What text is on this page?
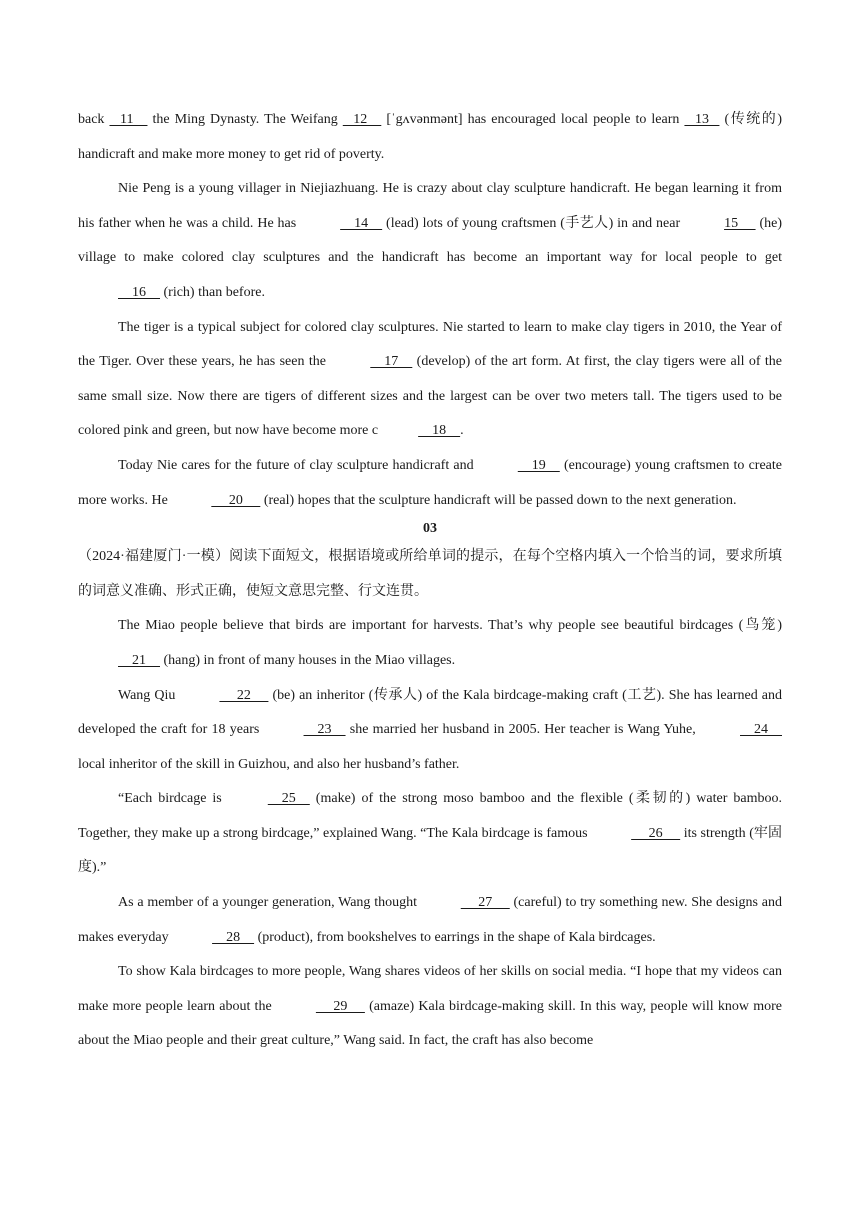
back    11     the Ming Dynasty. The Weifang    12     [ˈgʌvənmənt] has encouraged local people to learn    13    (传统的) handicraft and make more money to get rid of poverty.

Nie Peng is a young villager in Niejiazhuang. He is crazy about clay sculpture handicraft. He began learning it from his father when he was a child. He has	14     (lead) lots of young craftsmen (手艺人) in and near	15      (he) village to make colored clay sculptures and the handicraft has become an important way for local people to get     16     (rich) than before.

The tiger is a typical subject for colored clay sculptures. Nie started to learn to make clay tigers in 2010, the Year of the Tiger. Over these years, he has seen the	17     (develop) of the art form. At first, the clay tigers were all of the same small size. Now there are tigers of different sizes and the largest can be over two meters tall. The tigers used to be colored pink and green, but now have become more c	18    .

Today Nie cares for the future of clay sculpture handicraft and	19     (encourage) young craftsmen to create more works. He	20      (real) hopes that the sculpture handicraft will be passed down to the next generation.

03

（2024·福建厦门·一模）阅读下面短文，根据语境或所给单词的提示，在每个空格内填入一个恰当的词，要求所填的词意义准确、形式正确，使短文意思完整、行文连贯。

The Miao people believe that birds are important for harvests. That’s why people see beautiful birdcages (鸟笼)     21     (hang) in front of many houses in the Miao villages.

Wang Qiu	22      (be) an inheritor (传承人) of the Kala birdcage-making craft (工艺). She has learned and developed the craft for 18 years	23     she married her husband in 2005. Her teacher is Wang Yuhe,	24     local inheritor of the skill in Guizhou, and also her husband’s father.

“Each birdcage is	25     (make) of the strong moso bamboo and the flexible (柔韧的) water bamboo. Together, they make up a strong birdcage,” explained Wang. “The Kala birdcage is famous	26      its strength (牢固度).”

As a member of a younger generation, Wang thought	27      (careful) to try something new. She designs and makes everyday	28     (product), from bookshelves to earrings in the shape of Kala birdcages.

To show Kala birdcages to more people, Wang shares videos of her skills on social media. “I hope that my videos can make more people learn about the	29      (amaze) Kala birdcage-making skill. In this way, people will know more about the Miao people and their great culture,” Wang said. In fact, the craft has also become
